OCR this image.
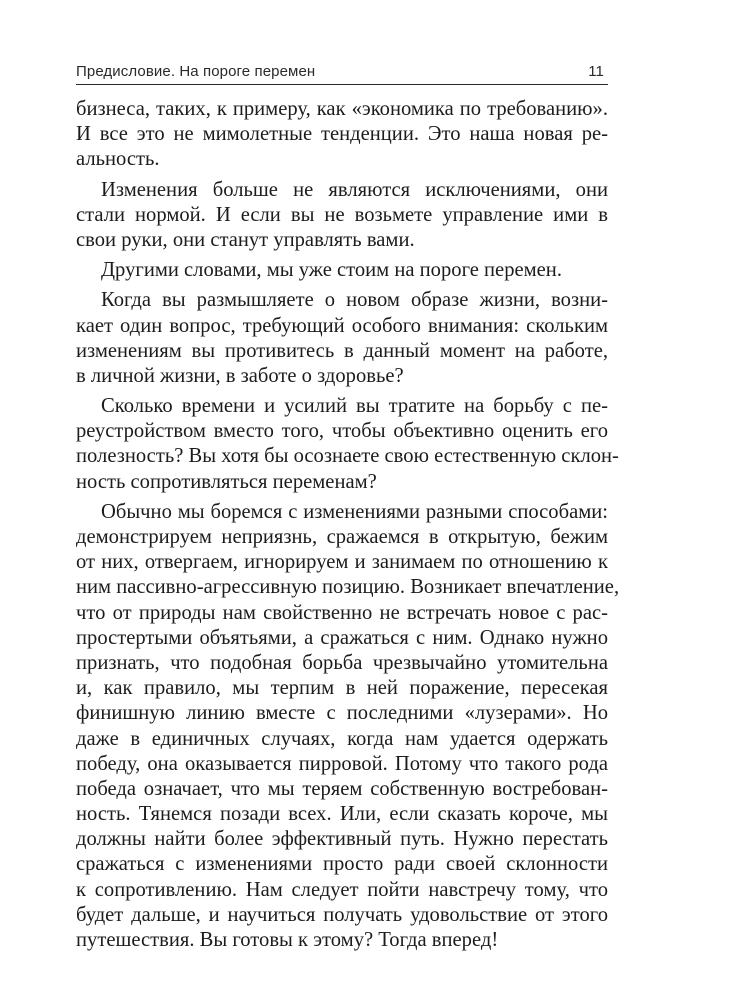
Предисловие. На пороге перемен	11
бизнеса, таких, к примеру, как «экономика по требованию».
И все это не мимолетные тенденции. Это наша новая ре-
альность.
Изменения больше не являются исключениями, они
стали нормой. И если вы не возьмете управление ими в
свои руки, они станут управлять вами.
Другими словами, мы уже стоим на пороге перемен.
Когда вы размышляете о новом образе жизни, возни-
кает один вопрос, требующий особого внимания: скольким
изменениям вы противитесь в данный момент на работе,
в личной жизни, в заботе о здоровье?
Сколько времени и усилий вы тратите на борьбу с пе-
реустройством вместо того, чтобы объективно оценить его
полезность? Вы хотя бы осознаете свою естественную склон-
ность сопротивляться переменам?
Обычно мы боремся с изменениями разными способами:
демонстрируем неприязнь, сражаемся в открытую, бежим
от них, отвергаем, игнорируем и занимаем по отношению к
ним пассивно-агрессивную позицию. Возникает впечатление,
что от природы нам свойственно не встречать новое с рас-
простертыми объятьями, а сражаться с ним. Однако нужно
признать, что подобная борьба чрезвычайно утомительна
и, как правило, мы терпим в ней поражение, пересекая
финишную линию вместе с последними «лузерами». Но
даже в единичных случаях, когда нам удается одержать
победу, она оказывается пирровой. Потому что такого рода
победа означает, что мы теряем собственную востребован-
ность. Тянемся позади всех. Или, если сказать короче, мы
должны найти более эффективный путь. Нужно перестать
сражаться с изменениями просто ради своей склонности
к сопротивлению. Нам следует пойти навстречу тому, что
будет дальше, и научиться получать удовольствие от этого
путешествия. Вы готовы к этому? Тогда вперед!
